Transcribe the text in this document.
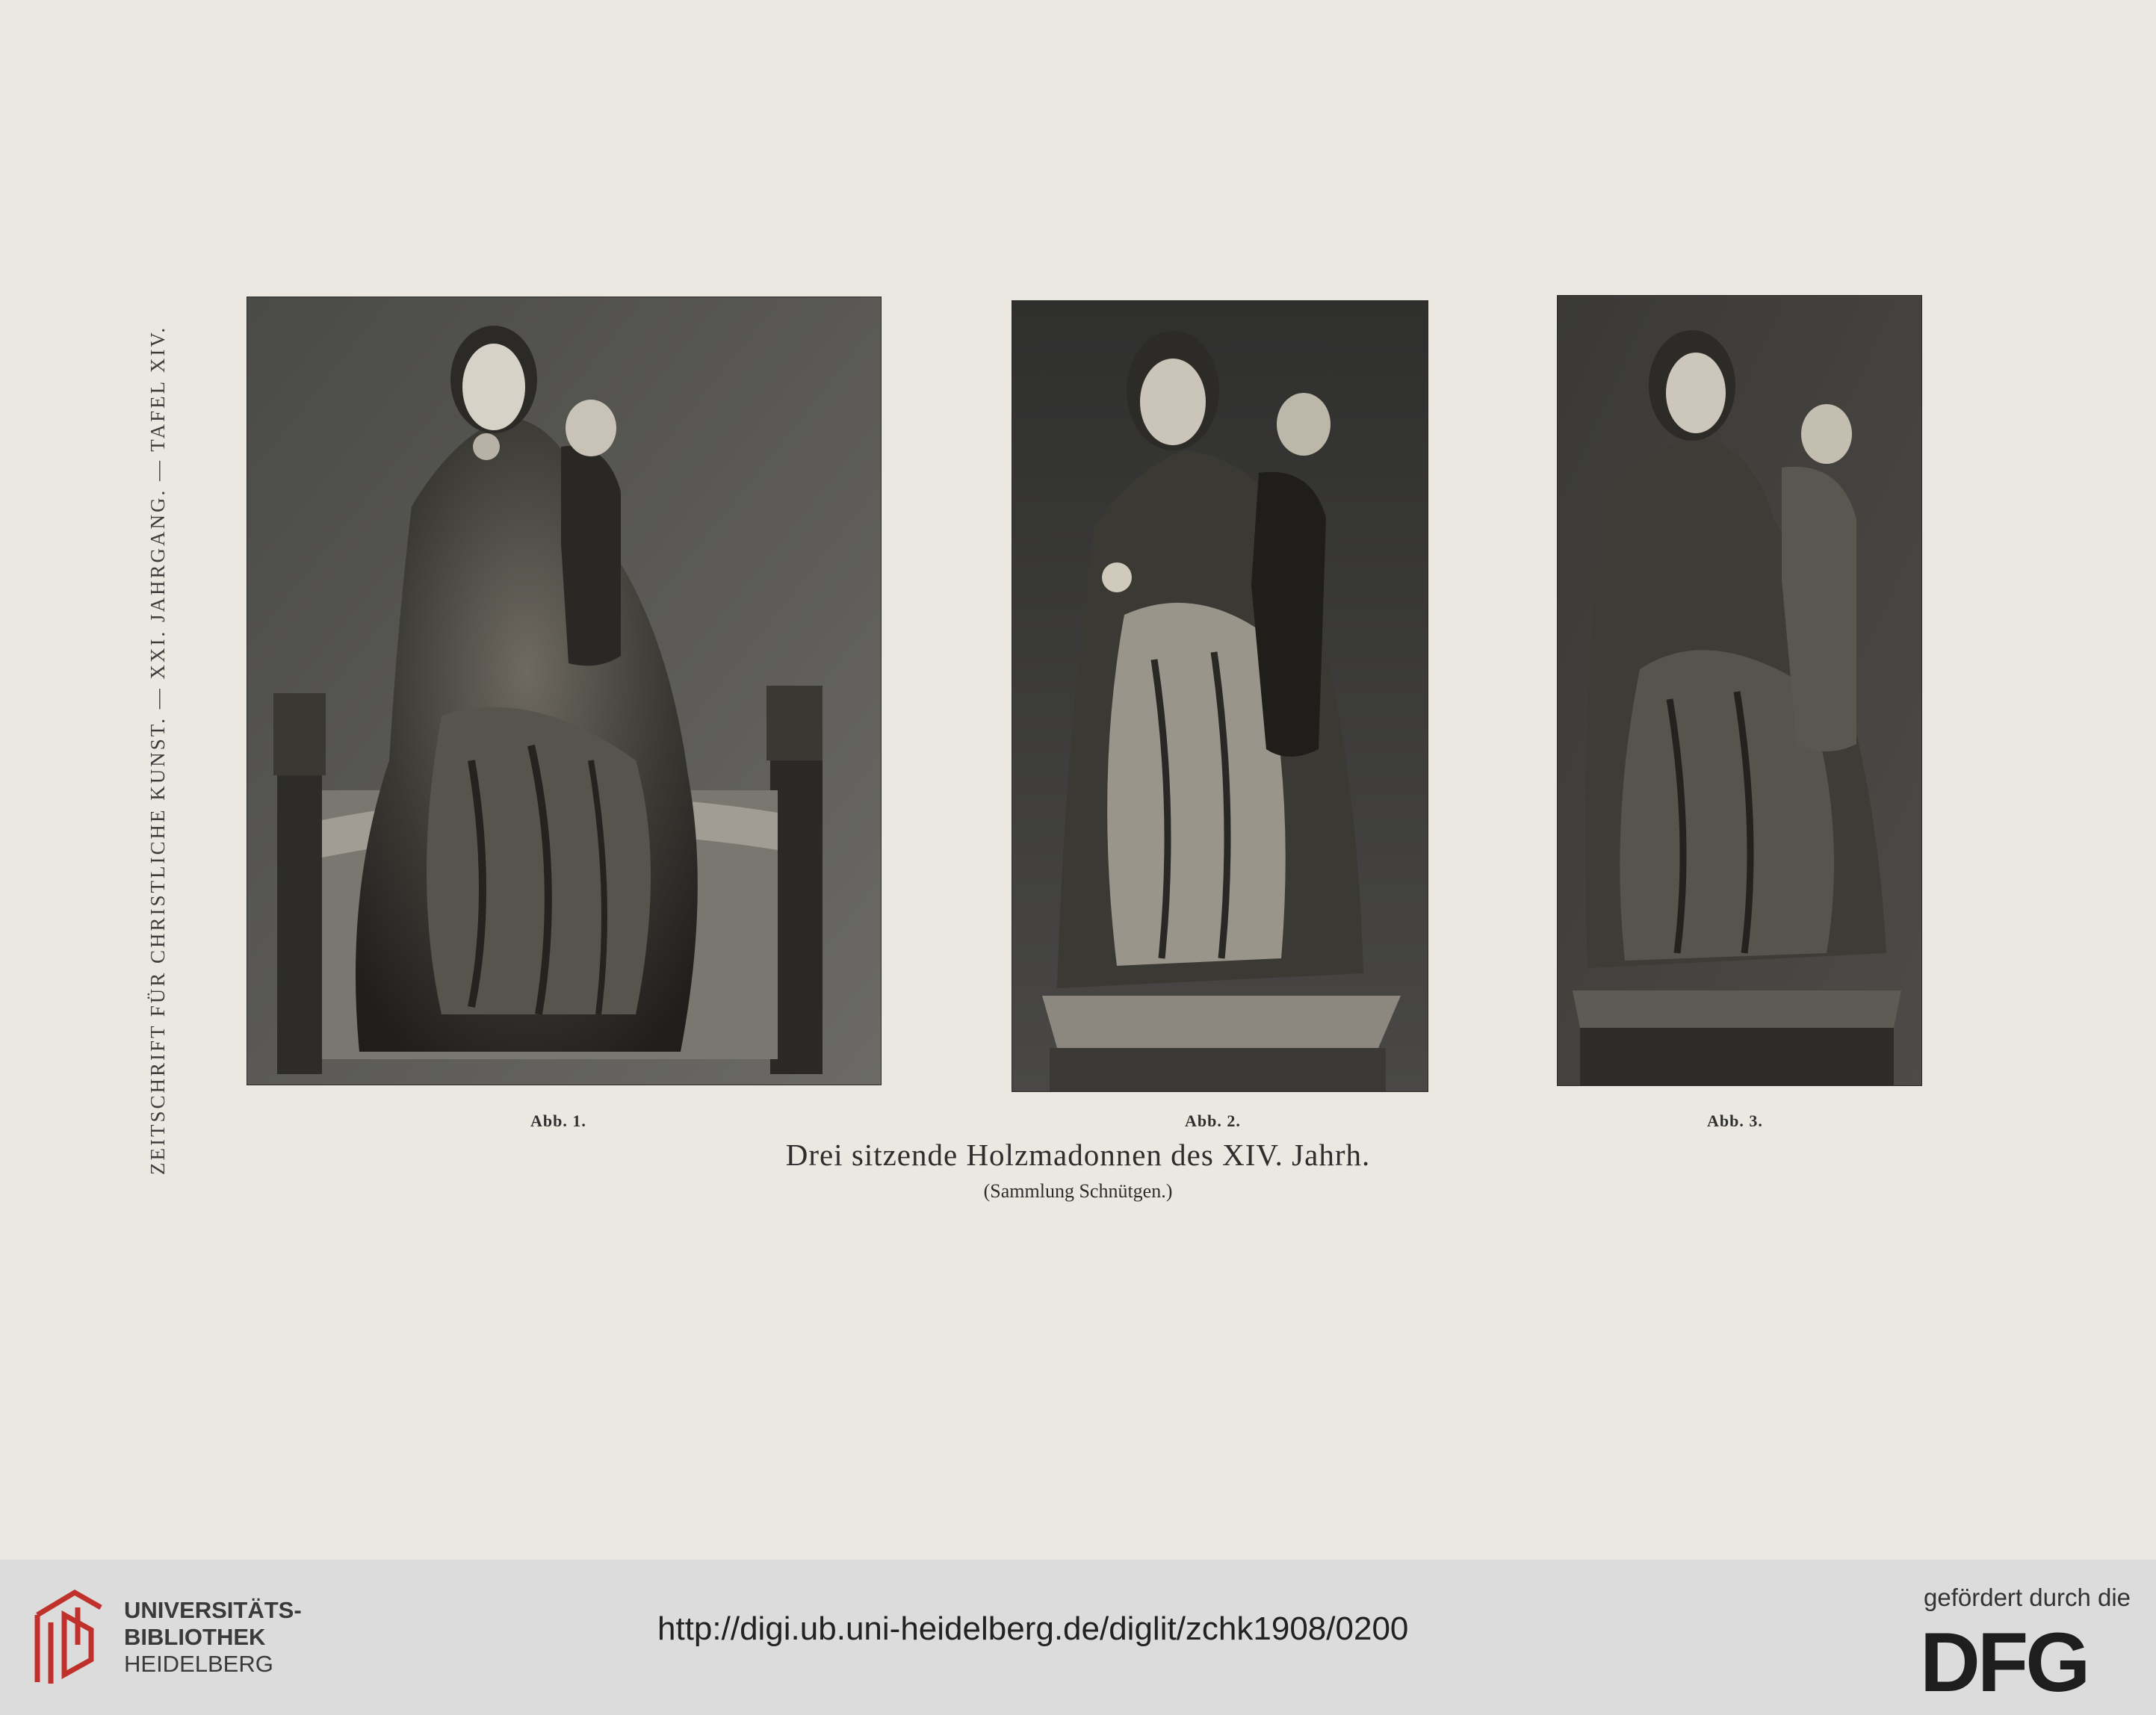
ZEITSCHRIFT FÜR CHRISTLICHE KUNST. — XXI. JAHRGANG. — TAFEL XIV.	Abb. 1.	Abb. 2.	Abb. 3.
Drei sitzende Holzmadonnen des XIV. Jahrh.
(Sammlung Schnütgen.)
UNIVERSITÄTS-
BIBLIOTHEK
HEIDELBERG
http://digi.ub.uni-heidelberg.de/diglit/zchk1908/0200
gefördert durch die
DFG
